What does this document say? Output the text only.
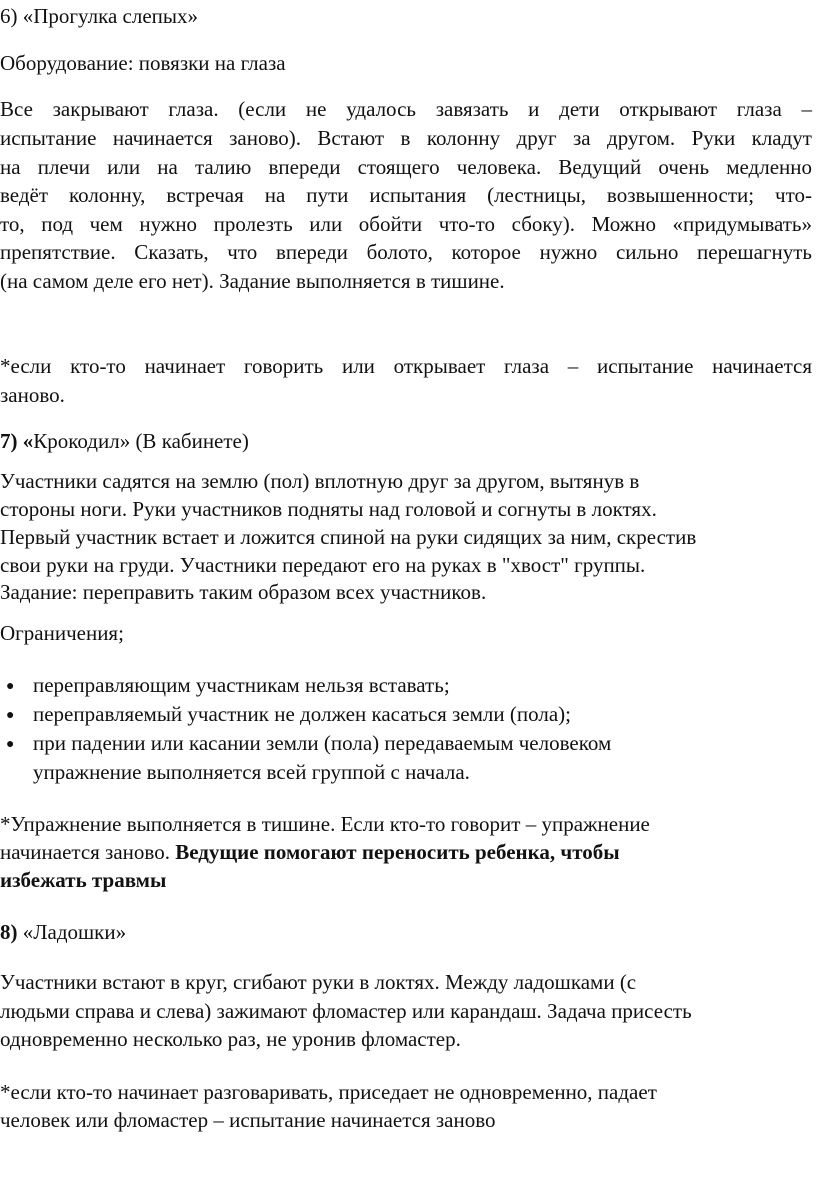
6) «Прогулка слепых»
Оборудование: повязки на глаза
Все закрывают глаза. (если не удалось завязать и дети открывают глаза –
испытание начинается заново). Встают в колонну друг за другом. Руки кладут
на плечи или на талию впереди стоящего человека. Ведущий очень медленно
ведёт колонну, встречая на пути испытания (лестницы, возвышенности; что-
то, под чем нужно пролезть или обойти что-то сбоку). Можно «придумывать»
препятствие. Сказать, что впереди болото, которое нужно сильно перешагнуть
(на самом деле его нет). Задание выполняется в тишине.
*если кто-то начинает говорить или открывает глаза – испытание начинается
заново.
7) «Крокодил» (В кабинете)
Участники садятся на землю (пол) вплотную друг за другом, вытянув в
стороны ноги. Руки участников подняты над головой и согнуты в локтях.
Первый участник встает и ложится спиной на руки сидящих за ним, скрестив
свои руки на груди. Участники передают его на руках в "хвост" группы.
Задание: переправить таким образом всех участников.
Ограничения;
● переправляющим участникам нельзя вставать;
● переправляемый участник не должен касаться земли (пола);
● при падении или касании земли (пола) передаваемым человеком
упражнение выполняется всей группой с начала.
*Упражнение выполняется в тишине. Если кто-то говорит – упражнение
начинается заново. Ведущие помогают переносить ребенка, чтобы
избежать травмы
8) «Ладошки»
Участники встают в круг, сгибают руки в локтях. Между ладошками (с
людьми справа и слева) зажимают фломастер или карандаш. Задача присесть
одновременно несколько раз, не уронив фломастер.
*если кто-то начинает разговаривать, приседает не одновременно, падает
человек или фломастер – испытание начинается заново
